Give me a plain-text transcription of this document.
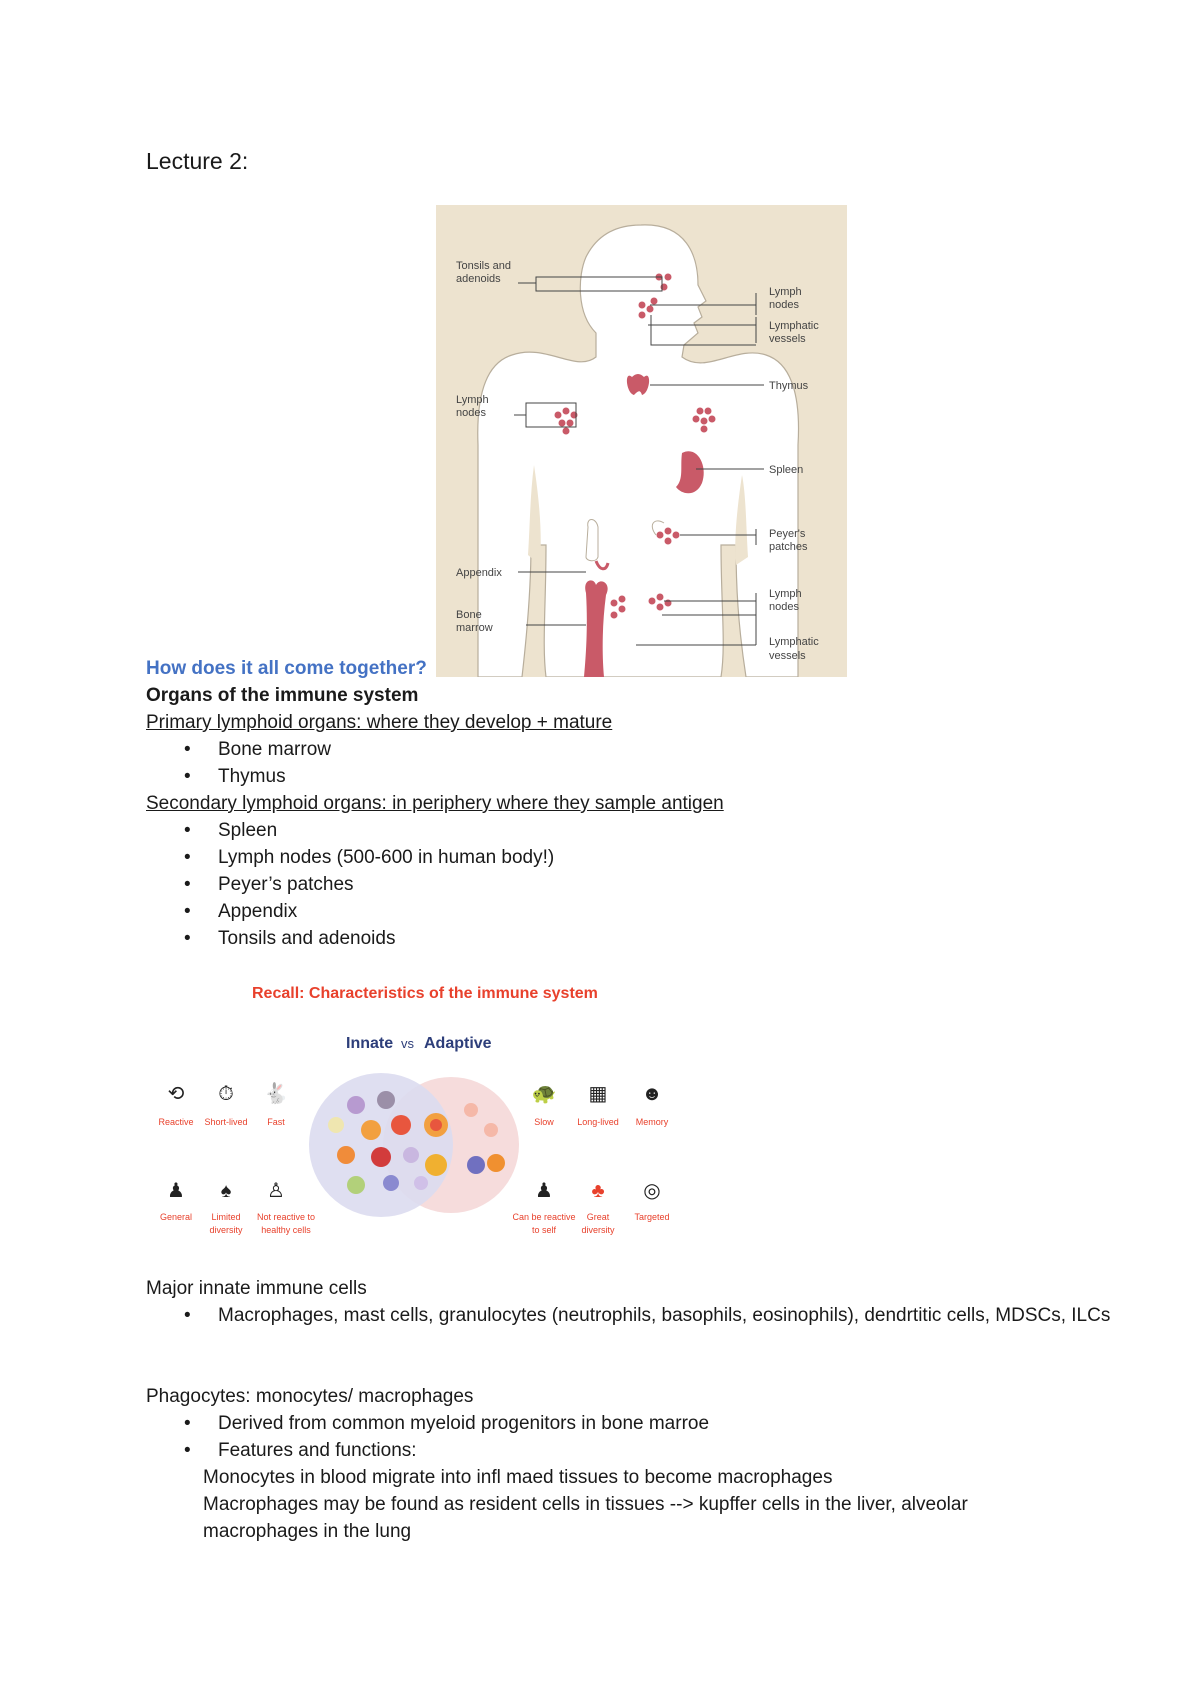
Lecture 2:
Tonsils and
adenoids
Lymph
nodes
Lymphatic
vessels
Thymus
Lymph
nodes
Spleen
Peyer's
patches
Appendix
Bone
marrow
Lymph
nodes
Lymphatic
vessels
How does it all come together?
Organs of the immune system
Primary lymphoid organs: where they develop + mature
• Bone marrow
• Thymus
Secondary lymphoid organs: in periphery where they sample antigen
• Spleen
• Lymph nodes (500-600 in human body!)
• Peyer’s patches
• Appendix
• Tonsils and adenoids
Recall: Characteristics of the immune system
Innate vs Adaptive
⟲ ⏱ 🐇	🐢 ▦ ☻
♟ ♠ ♙	♟ ♣ ◎
Reactive Short-lived Fast	Slow	Long-lived Memory
General Limited
diversity
Not reactive to
healthy cells
Can be reactive
to self
Great
diversity
Targeted
Major innate immune cells
• Macrophages, mast cells, granulocytes (neutrophils, basophils, eosinophils), dendrtitic cells, MDSCs, ILCs
Phagocytes: monocytes/ macrophages
• Derived from common myeloid progenitors in bone marroe
• Features and functions:
Monocytes in blood migrate into infl maed tissues to become macrophages
Macrophages may be found as resident cells in tissues --> kupffer cells in the liver, alveolar
macrophages in the lung
